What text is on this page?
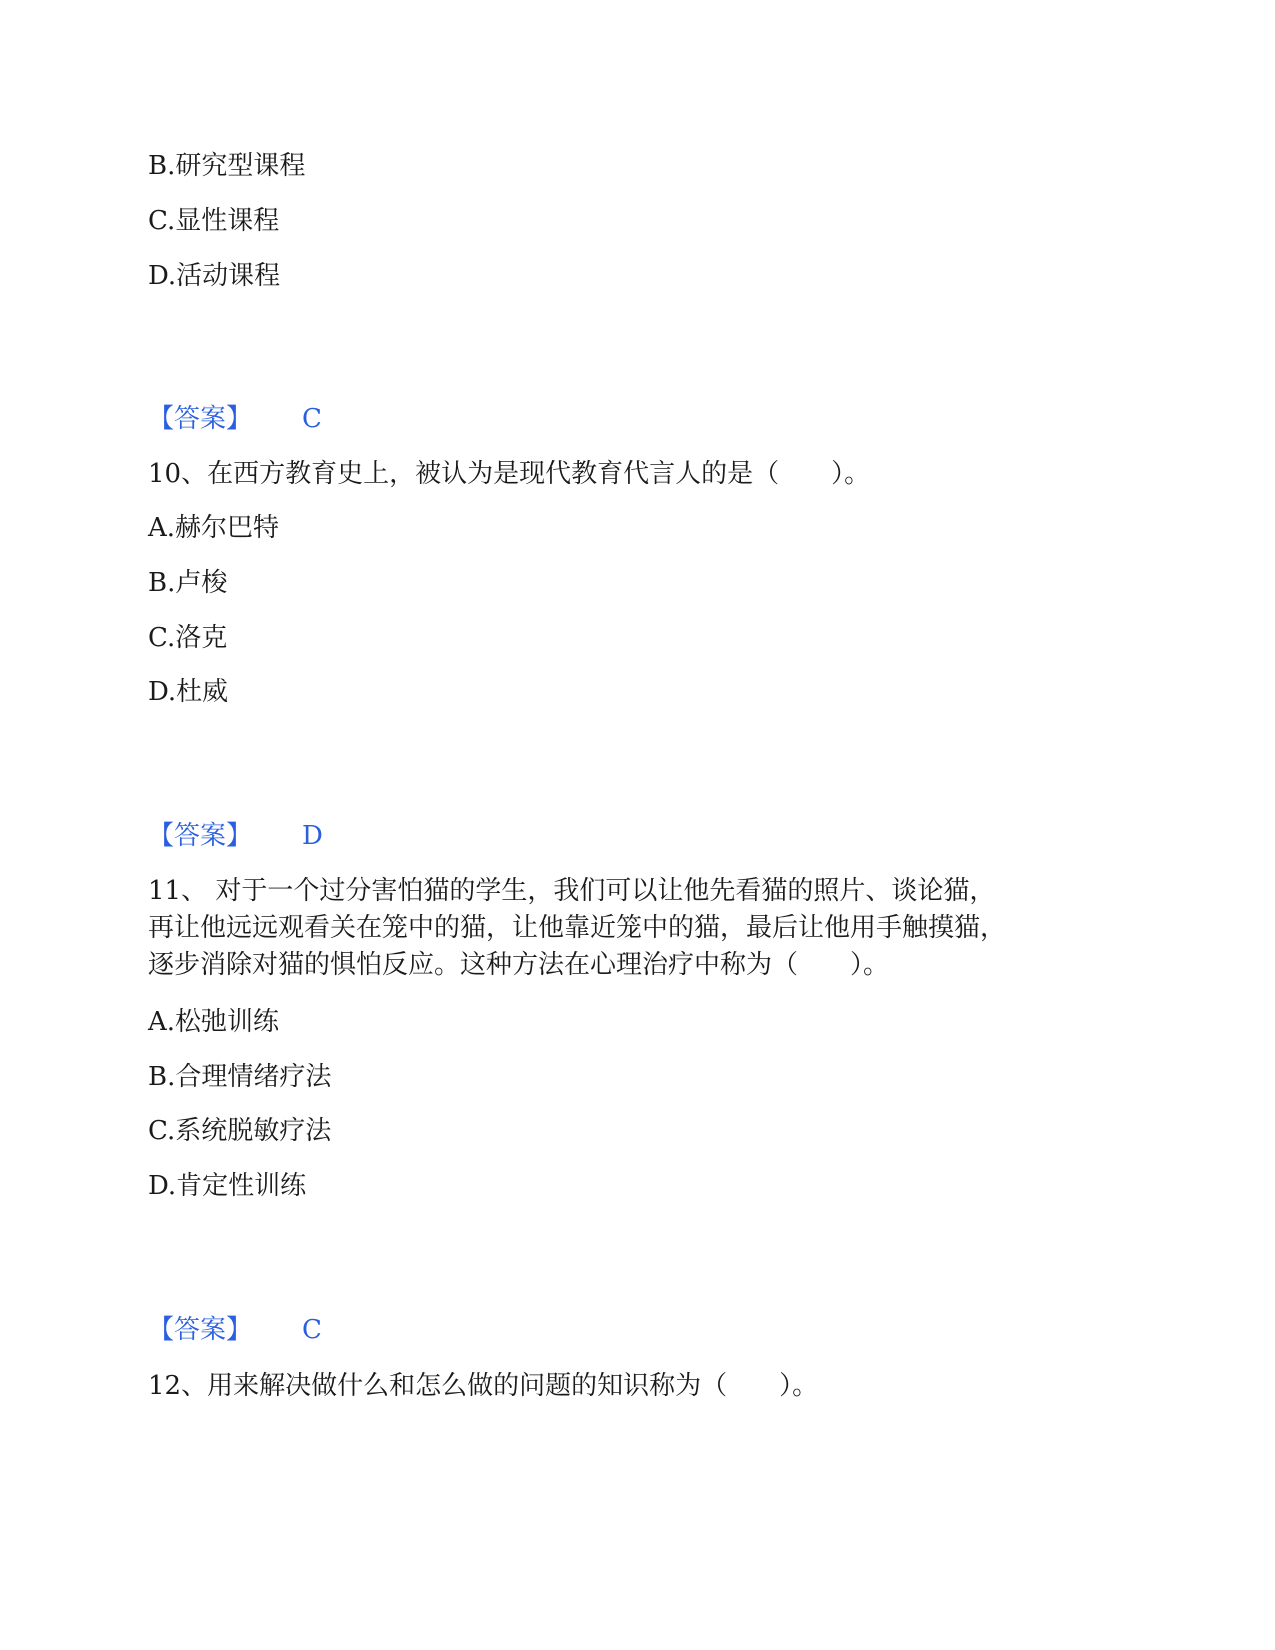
B.研究型课程
C.显性课程
D.活动课程
【答案】 C
10、在西方教育史上，被认为是现代教育代言人的是（　　）。
A.赫尔巴特
B.卢梭
C.洛克
D.杜威
【答案】 D
11、 对于一个过分害怕猫的学生，我们可以让他先看猫的照片、谈论猫，
再让他远远观看关在笼中的猫，让他靠近笼中的猫，最后让他用手触摸猫，
逐步消除对猫的惧怕反应。这种方法在心理治疗中称为（　　）。
A.松弛训练
B.合理情绪疗法
C.系统脱敏疗法
D.肯定性训练
【答案】 C
12、用来解决做什么和怎么做的问题的知识称为（　　）。
